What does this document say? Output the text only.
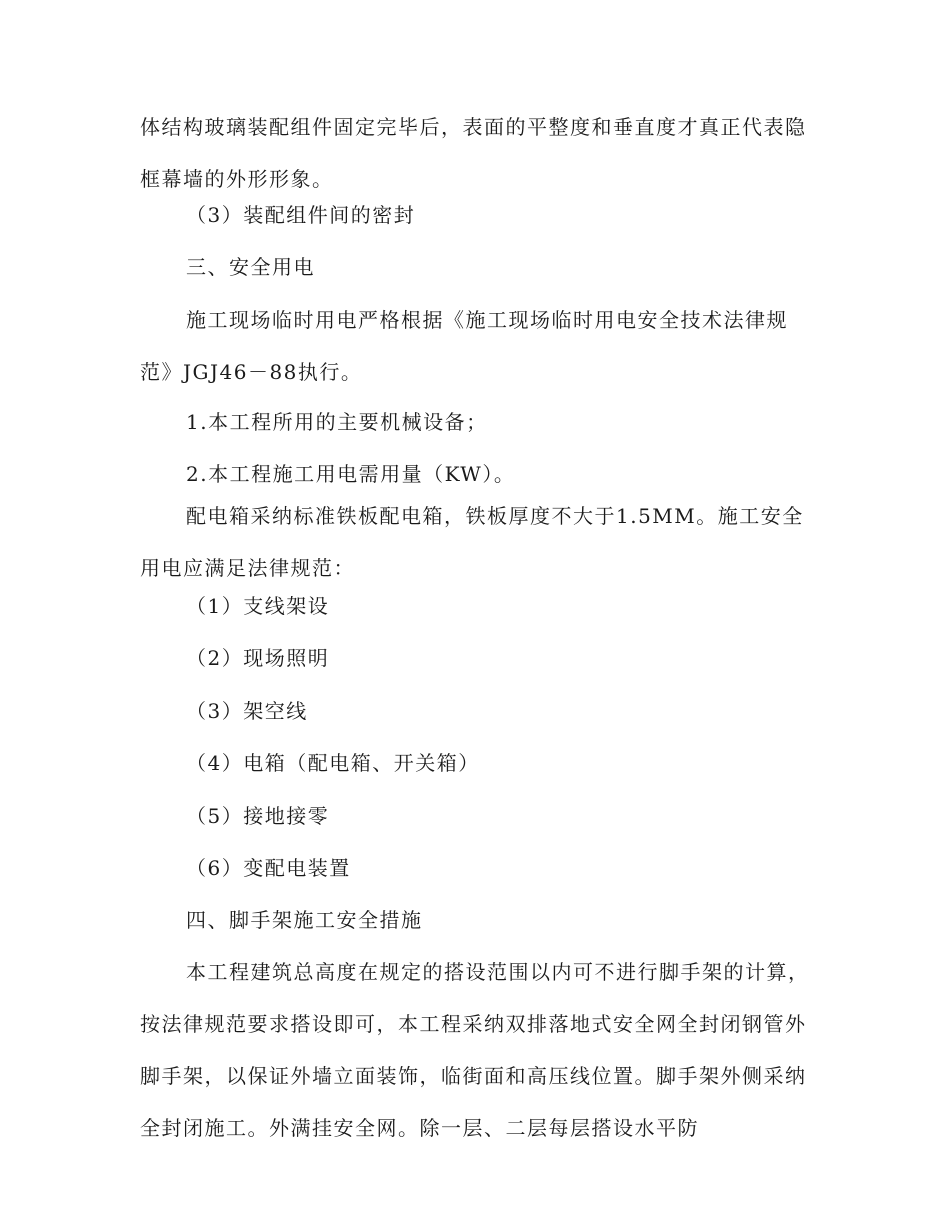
体结构玻璃装配组件固定完毕后，表面的平整度和垂直度才真正代表隐框幕墙的外形形象。

（3）装配组件间的密封

三、安全用电

施工现场临时用电严格根据《施工现场临时用电安全技术法律规范》JGJ46－88执行。

1.本工程所用的主要机械设备；

2.本工程施工用电需用量（KW）。

配电箱采纳标准铁板配电箱，铁板厚度不大于1.5MM。施工安全用电应满足法律规范：

（1）支线架设

（2）现场照明

（3）架空线

（4）电箱（配电箱、开关箱）

（5）接地接零

（6）变配电装置

四、脚手架施工安全措施

本工程建筑总高度在规定的搭设范围以内可不进行脚手架的计算，按法律规范要求搭设即可，本工程采纳双排落地式安全网全封闭钢管外脚手架，以保证外墙立面装饰，临街面和高压线位置。脚手架外侧采纳全封闭施工。外满挂安全网。除一层、二层每层搭设水平防
